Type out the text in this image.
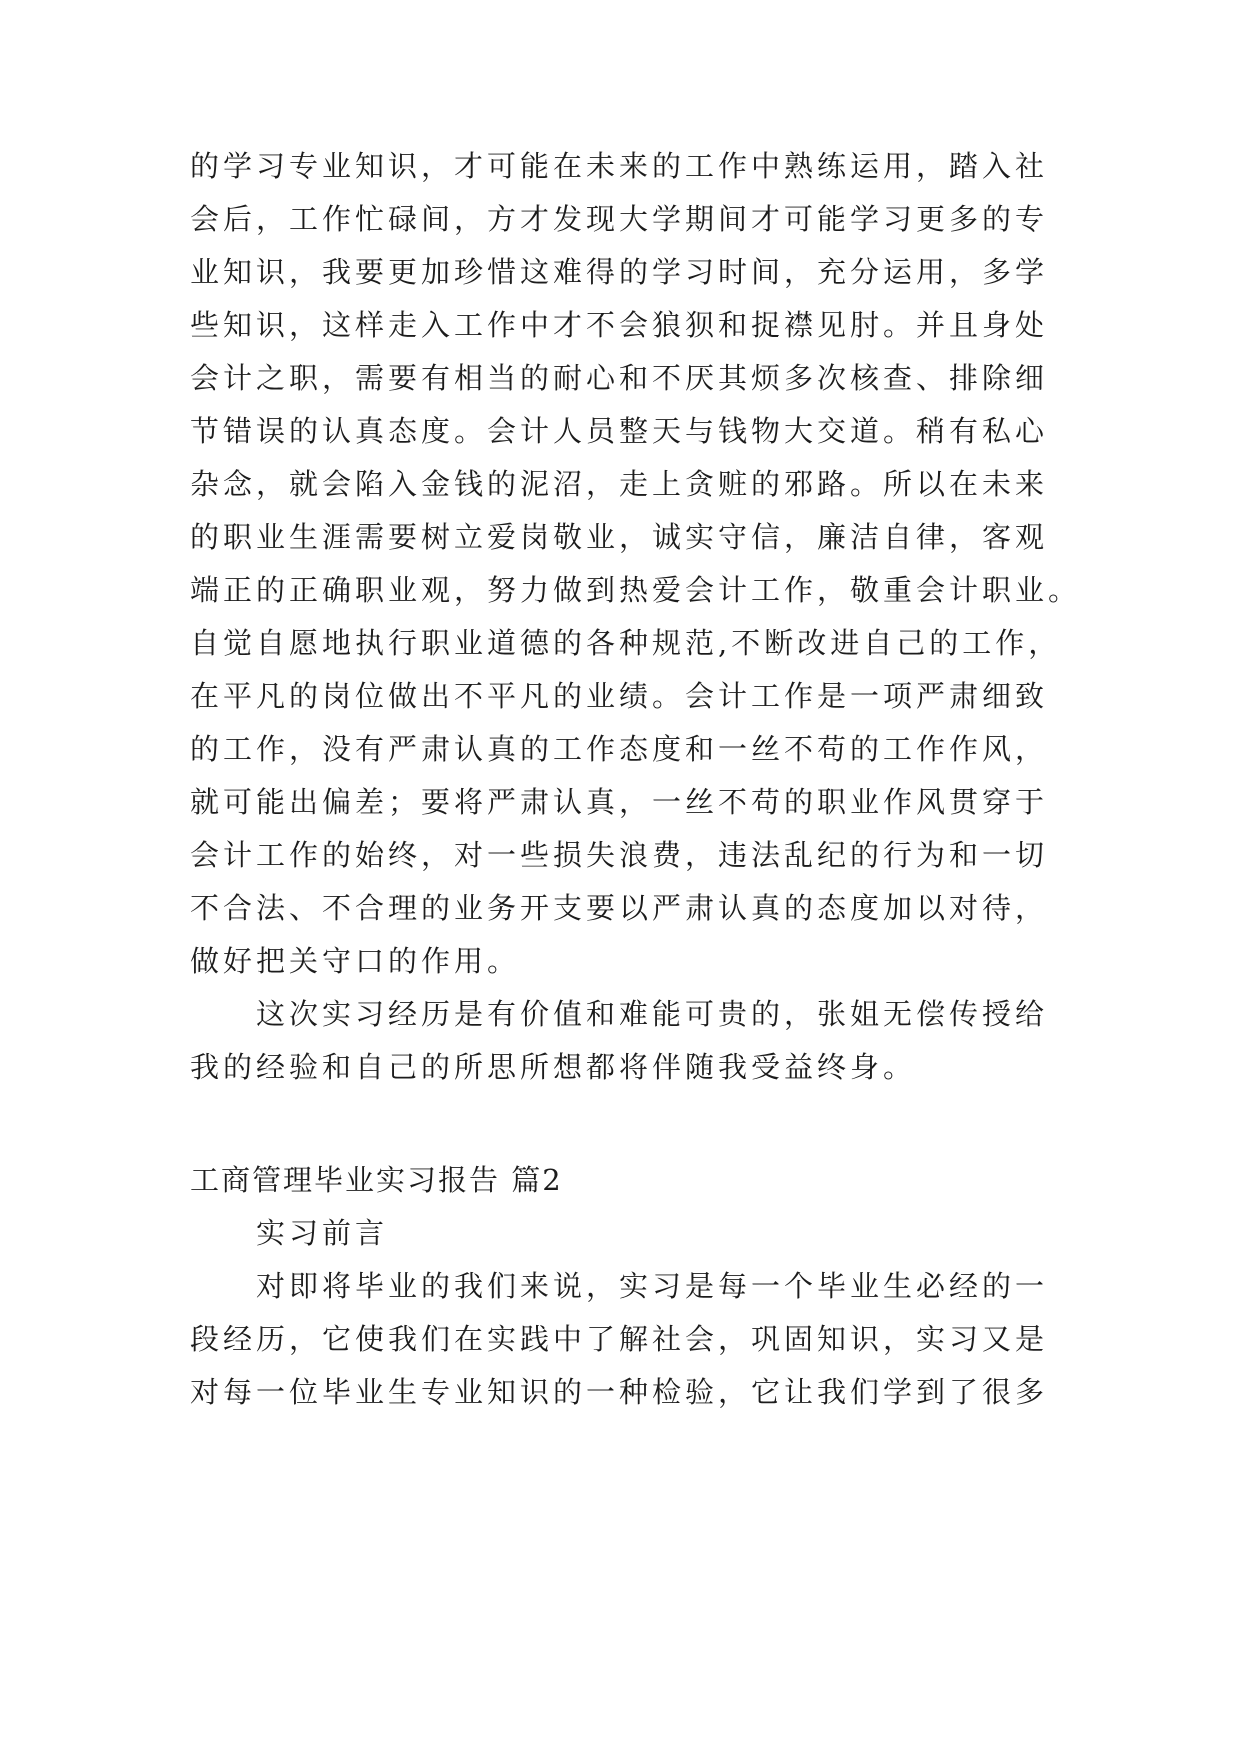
的学习专业知识，才可能在未来的工作中熟练运用，踏入社
会后，工作忙碌间，方才发现大学期间才可能学习更多的专
业知识，我要更加珍惜这难得的学习时间，充分运用，多学
些知识，这样走入工作中才不会狼狈和捉襟见肘。并且身处
会计之职，需要有相当的耐心和不厌其烦多次核查、排除细
节错误的认真态度。会计人员整天与钱物大交道。稍有私心
杂念，就会陷入金钱的泥沼，走上贪赃的邪路。所以在未来
的职业生涯需要树立爱岗敬业，诚实守信，廉洁自律，客观
端正的正确职业观，努力做到热爱会计工作，敬重会计职业。
自觉自愿地执行职业道德的各种规范,不断改进自己的工作，
在平凡的岗位做出不平凡的业绩。会计工作是一项严肃细致
的工作，没有严肃认真的工作态度和一丝不苟的工作作风，
就可能出偏差；要将严肃认真，一丝不苟的职业作风贯穿于
会计工作的始终，对一些损失浪费，违法乱纪的行为和一切
不合法、不合理的业务开支要以严肃认真的态度加以对待，
做好把关守口的作用。
这次实习经历是有价值和难能可贵的，张姐无偿传授给
我的经验和自己的所思所想都将伴随我受益终身。
工商管理毕业实习报告 篇2
实习前言
对即将毕业的我们来说，实习是每一个毕业生必经的一
段经历，它使我们在实践中了解社会，巩固知识，实习又是
对每一位毕业生专业知识的一种检验，它让我们学到了很多
